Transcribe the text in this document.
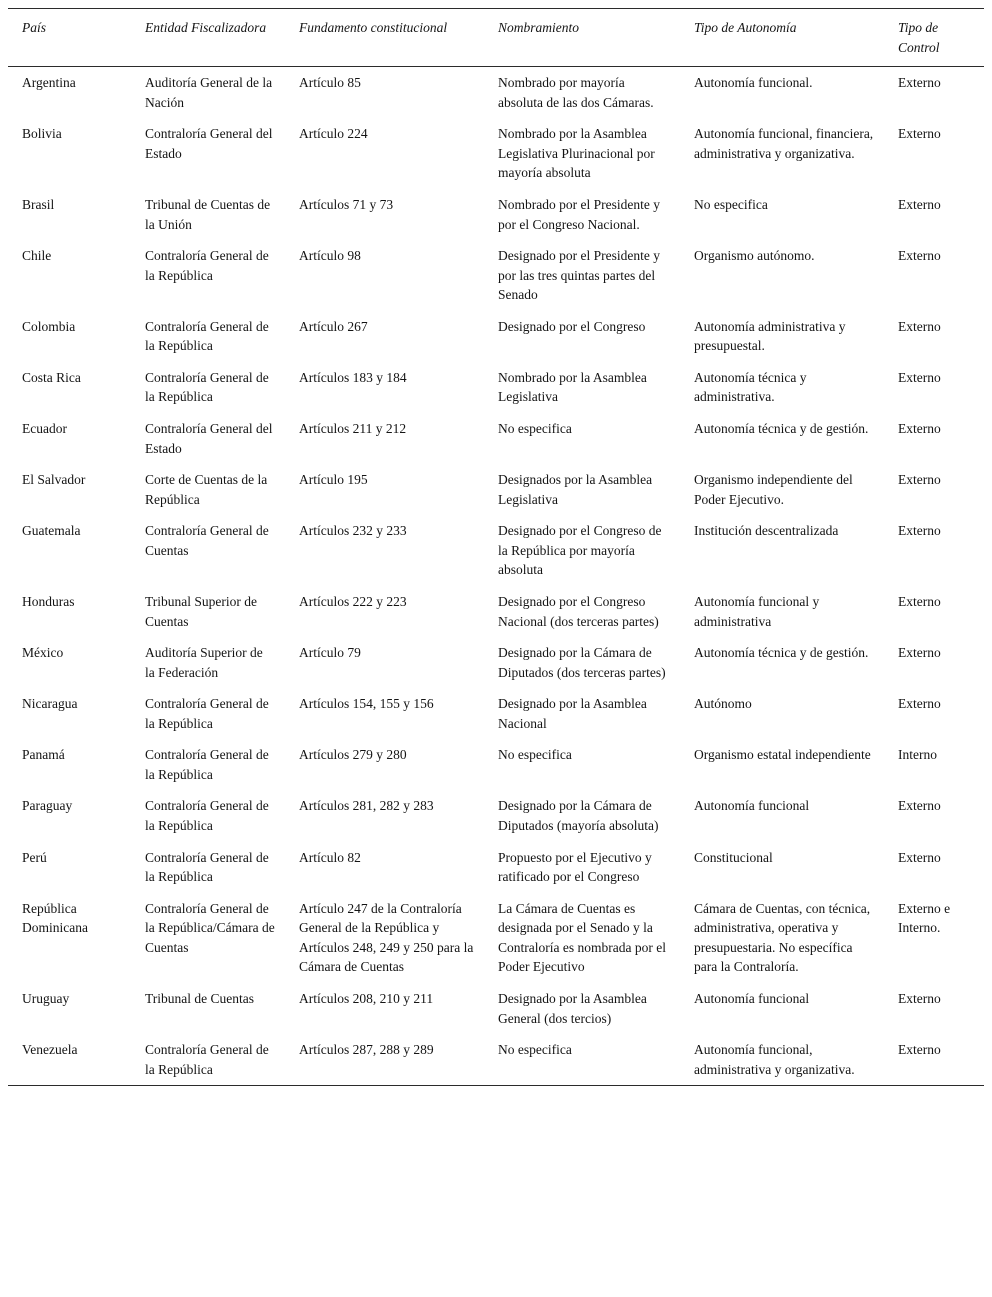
País	Entidad Fiscalizadora	Fundamento constitucional	Nombramiento	Tipo de Autonomía	Tipo de Control
Argentina	Auditoría General de la Nación	Artículo 85	Nombrado por mayoría absoluta de las dos Cámaras.	Autonomía funcional.	Externo
Bolivia	Contraloría General del Estado	Artículo 224	Nombrado por la Asamblea Legislativa Plurinacional por mayoría absoluta	Autonomía funcional, financiera, administrativa y organizativa.	Externo
Brasil	Tribunal de Cuentas de la Unión	Artículos 71 y 73	Nombrado por el Presidente y por el Congreso Nacional.	No especifica	Externo
Chile	Contraloría General de la República	Artículo 98	Designado por el Presidente y por las tres quintas partes del Senado	Organismo autónomo.	Externo
Colombia	Contraloría General de la República	Artículo 267	Designado por el Congreso	Autonomía administrativa y presupuestal.	Externo
Costa Rica	Contraloría General de la República	Artículos 183 y 184	Nombrado por la Asamblea Legislativa	Autonomía técnica y administrativa.	Externo
Ecuador	Contraloría General del Estado	Artículos 211 y 212	No especifica	Autonomía técnica y de gestión.	Externo
El Salvador	Corte de Cuentas de la República	Artículo 195	Designados por la Asamblea Legislativa	Organismo independiente del Poder Ejecutivo.	Externo
Guatemala	Contraloría General de Cuentas	Artículos 232 y 233	Designado por el Congreso de la República por mayoría absoluta	Institución descentralizada	Externo
Honduras	Tribunal Superior de Cuentas	Artículos 222 y 223	Designado por el Congreso Nacional (dos terceras partes)	Autonomía funcional y administrativa	Externo
México	Auditoría Superior de la Federación	Artículo 79	Designado por la Cámara de Diputados (dos terceras partes)	Autonomía técnica y de gestión.	Externo
Nicaragua	Contraloría General de la República	Artículos 154, 155 y 156	Designado por la Asamblea Nacional	Autónomo	Externo
Panamá	Contraloría General de la República	Artículos 279 y 280	No especifica	Organismo estatal independiente	Interno
Paraguay	Contraloría General de la República	Artículos 281, 282 y 283	Designado por la Cámara de Diputados (mayoría absoluta)	Autonomía funcional	Externo
Perú	Contraloría General de la República	Artículo 82	Propuesto por el Ejecutivo y ratificado por el Congreso	Constitucional	Externo
República Dominicana	Contraloría General de la República/Cámara de Cuentas	Artículo 247 de la Contraloría General de la República y Artículos 248, 249 y 250 para la Cámara de Cuentas	La Cámara de Cuentas es designada por el Senado y la Contraloría es nombrada por el Poder Ejecutivo	Cámara de Cuentas, con técnica, administrativa, operativa y presupuestaria. No específica para la Contraloría.	Externo e Interno.
Uruguay	Tribunal de Cuentas	Artículos 208, 210 y 211	Designado por la Asamblea General (dos tercios)	Autonomía funcional	Externo
Venezuela	Contraloría General de la República	Artículos 287, 288 y 289	No especifica	Autonomía funcional, administrativa y organizativa.	Externo
